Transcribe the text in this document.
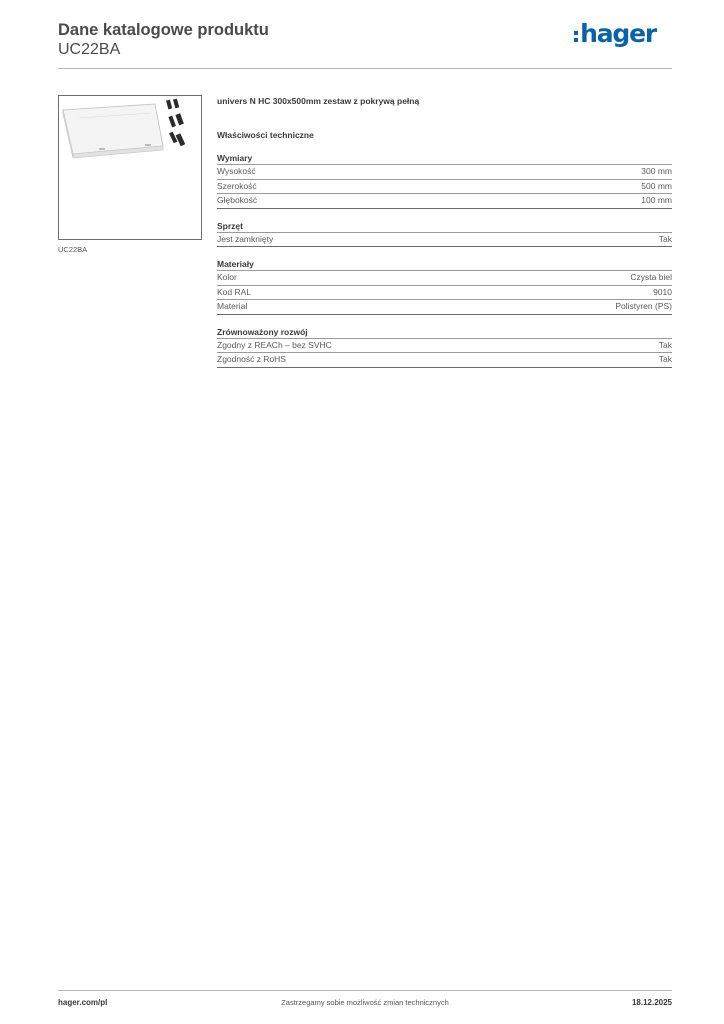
Dane katalogowe produktu
UC22BA
hager
UC22BA
univers N HC 300x500mm zestaw z pokrywą pełną
Właściwości techniczne
Wymiary
Wysokość	300 mm
Szerokość	500 mm
Głębokość	100 mm
Sprzęt
Jest zamknięty	Tak
Materiały
Kolor	Czysta biel
Kod RAL	9010
Materiał	Polistyren (PS)
Zrównoważony rozwój
Zgodny z REACh – bez SVHC	Tak
Zgodność z RoHS	Tak
hager.com/pl	Zastrzegamy sobie możliwość zmian technicznych	18.12.2025
